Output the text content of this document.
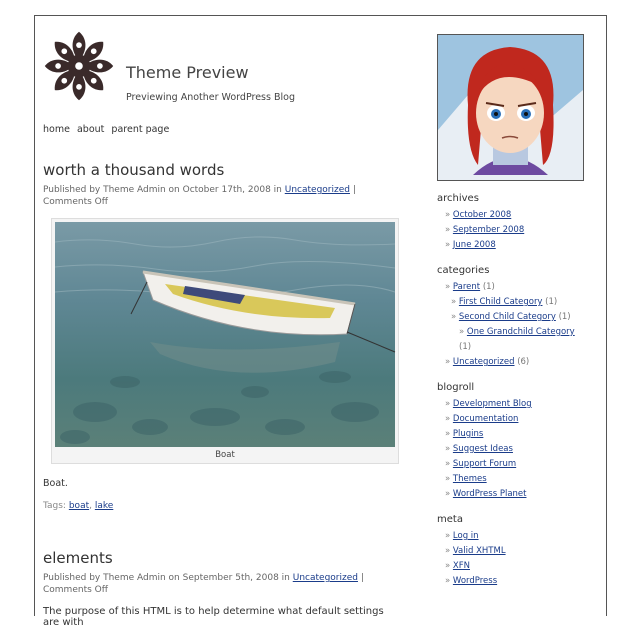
Theme Preview
Previewing Another WordPress Blog
home about parent page
worth a thousand words
Published by Theme Admin on October 17th, 2008 in Uncategorized | Comments Off
Boat
Boat.
Tags: boat, lake
elements
Published by Theme Admin on September 5th, 2008 in Uncategorized | Comments Off
The purpose of this HTML is to help determine what default settings are with
archives
» October 2008
» September 2008
» June 2008
categories
» Parent (1)
» First Child Category (1)
» Second Child Category (1)
» One Grandchild Category (1)
» Uncategorized (6)
blogroll
» Development Blog
» Documentation
» Plugins
» Suggest Ideas
» Support Forum
» Themes
» WordPress Planet
meta
» Log in
» Valid XHTML
» XFN
» WordPress
